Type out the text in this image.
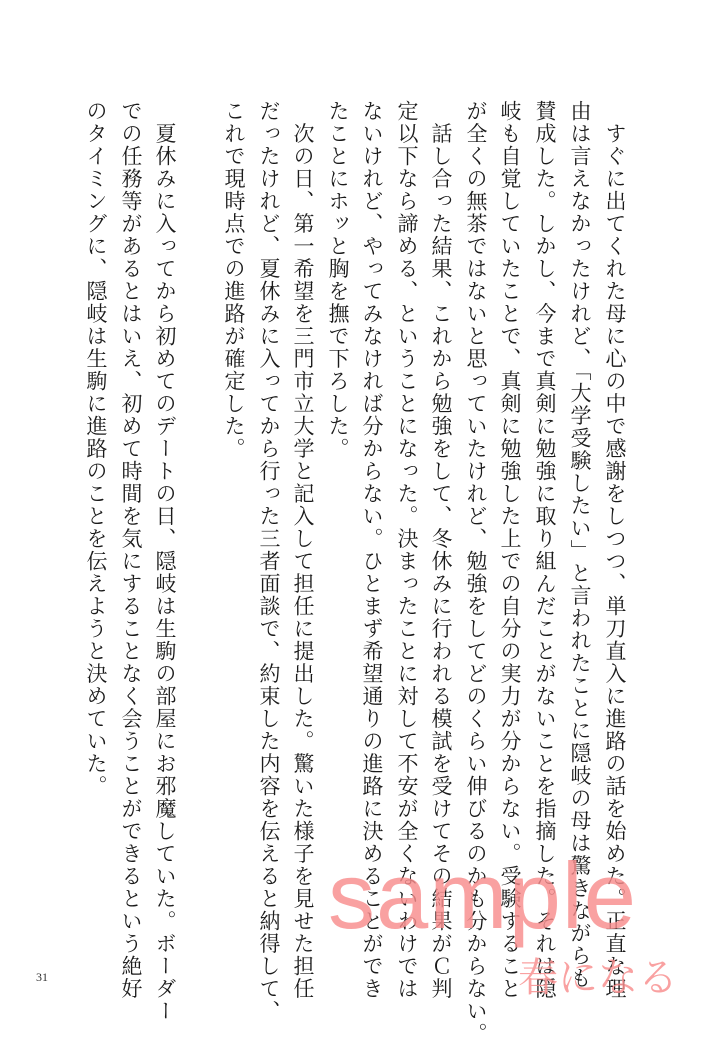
　すぐに出てくれた母に心の中で感謝をしつつ、単刀直入に進路の話を始めた。正直な理
由は言えなかったけれど、「大学受験したい」と言われたことに隠岐の母は驚きながらも
賛成した。しかし、今まで真剣に勉強に取り組んだことがないことを指摘した。それは隠
岐も自覚していたことで、真剣に勉強した上での自分の実力が分からない。受験すること
が全くの無茶ではないと思っていたけれど、勉強をしてどのくらい伸びるのかも分からない。
　話し合った結果、これから勉強をして、冬休みに行われる模試を受けてその結果がＣ判
定以下なら諦める、ということになった。決まったことに対して不安が全くないわけでは
ないけれど、やってみなければ分からない。ひとまず希望通りの進路に決めることができ
たことにホッと胸を撫で下ろした。
　次の日、第一希望を三門市立大学と記入して担任に提出した。驚いた様子を見せた担任
だったけれど、夏休みに入ってから行った三者面談で、約束した内容を伝えると納得して、
これで現時点での進路が確定した。
　夏休みに入ってから初めてのデートの日、隠岐は生駒の部屋にお邪魔していた。ボーダー
での任務等があるとはいえ、初めて時間を気にすることなく会うことができるという絶好
のタイミングに、隠岐は生駒に進路のことを伝えようと決めていた。
31
sample
春になる
